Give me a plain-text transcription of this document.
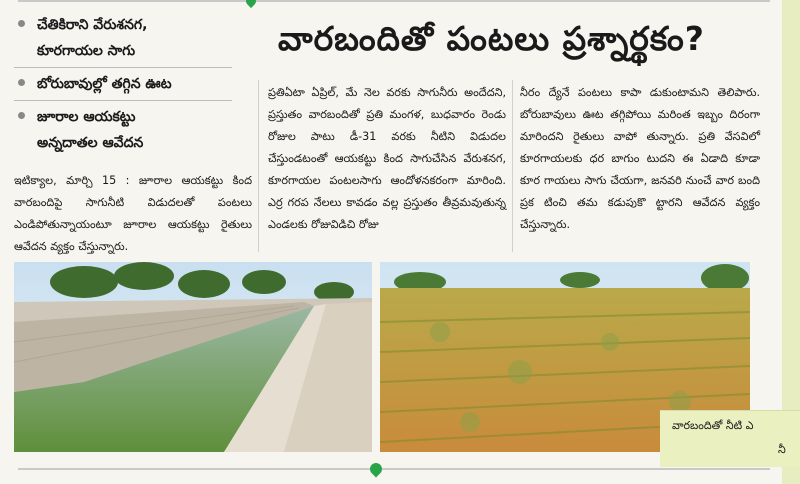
చేతికిరాని వేరుశనగ,
కూరగాయల సాగు
బోరుబావుల్లో తగ్గిన ఊట
జూరాల ఆయకట్టు
అన్నదాతల ఆవేదన
వారబందితో పంటలు ప్రశ్నార్థకం?
ఇటిక్యాల, మార్చి 15 : జూరాల ఆయకట్టు కింద వారబందిపై సాగునీటి విడుదలతో పంటలు ఎండిపోతున్నాయంటూ జూరాల ఆయకట్టు రైతులు ఆవేదన వ్యక్తం చేస్తున్నారు.
ప్రతిఏటా ఏప్రిల్, మే నెల వరకు సాగునీరు అందేదని, ప్రస్తుతం వారబందితో ప్రతి మంగళ, బుధవారం రెండు రోజుల పాటు డీ-31 వరకు నీటిని విడుదల చేస్తుండటంతో ఆయకట్టు కింద సాగుచేసిన వేరుశనగ, కూరగాయల పంటలసాగు ఆందోళనకరంగా మారింది. ఎర్ర గరప నేలలు కావడం వల్ల ప్రస్తుతం తీవ్రమవుతున్న ఎండలకు రోజువిడిచి రోజు
నీరం ద్యేనే పంటలు కాపా డుకుంటామని తెలిపారు. బోరుబావులు ఊట తగ్గిపోయి మరింత ఇబ్బం దిరంగా మారిందని రైతులు వాపో తున్నారు. ప్రతి వేసవిలో కూరగాయలకు ధర బాగుం టుదని ఈ ఏడాది కూడా కూర గాయలు సాగు చేయగా, జనవరి నుంచే వార బంది ప్రక టించి తమ కడుపుకొ ట్టారని ఆవేదన వ్యక్తం చేస్తున్నారు.
వారబందితో నీటి ఎ
నీ
